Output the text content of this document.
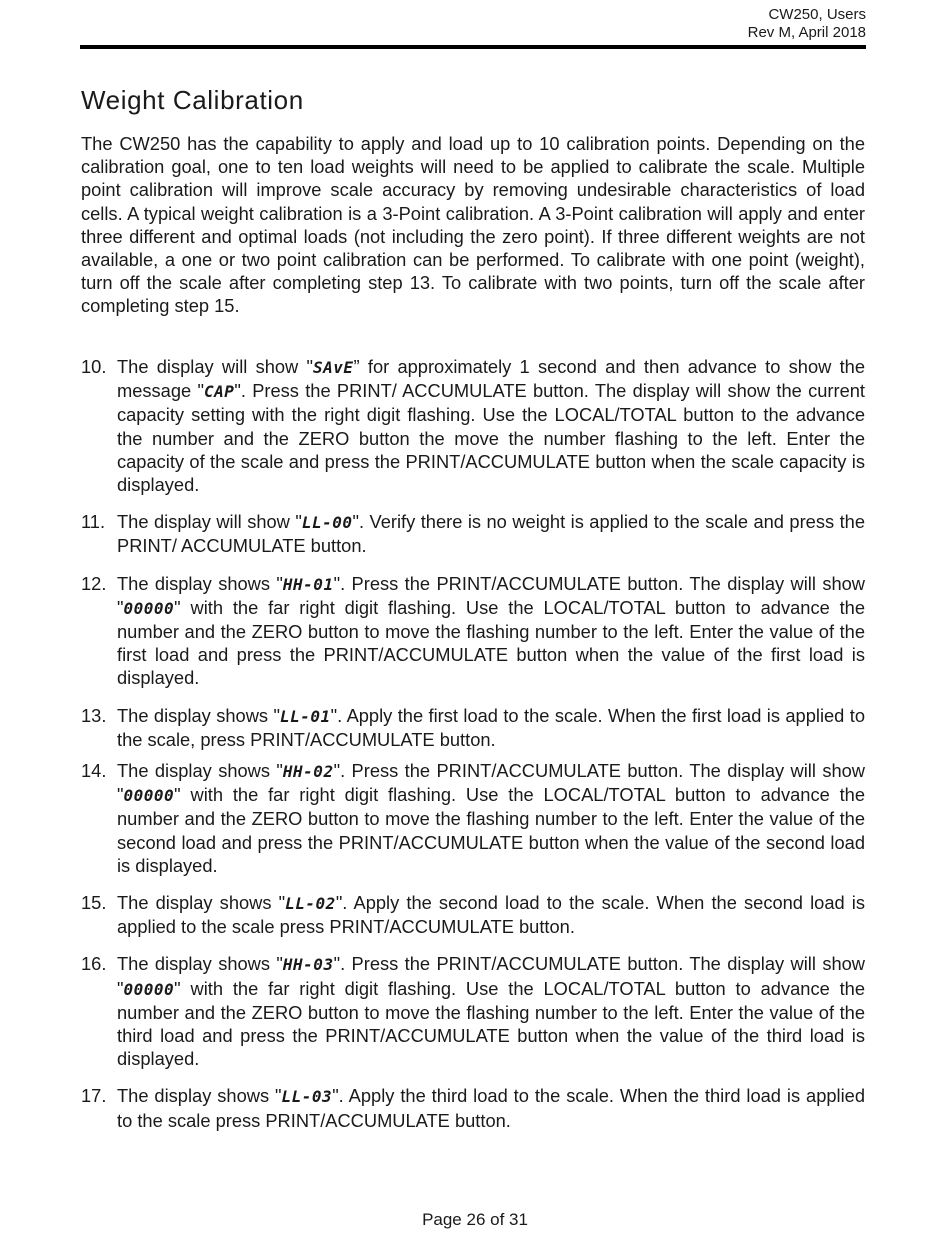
CW250, Users
Rev M, April 2018
Weight Calibration

The CW250 has the capability to apply and load up to 10 calibration points. Depending on the calibration goal, one to ten load weights will need to be applied to calibrate the scale. Multiple point calibration will improve scale accuracy by removing undesirable characteristics of load cells. A typical weight calibration is a 3-Point calibration. A 3-Point calibration will apply and enter three different and optimal loads (not including the zero point). If three different weights are not available, a one or two point calibration can be performed. To calibrate with one point (weight), turn off the scale after completing step 13. To calibrate with two points, turn off the scale after completing step 15.

10. The display will show "SAvE” for approximately 1 second and then advance to show the message "CAP". Press the PRINT/ ACCUMULATE button. The display will show the current capacity setting with the right digit flashing. Use the LOCAL/TOTAL button to the advance the number and the ZERO button the move the number flashing to the left. Enter the capacity of the scale and press the PRINT/ACCUMULATE button when the scale capacity is displayed.
11. The display will show "LL-00". Verify there is no weight is applied to the scale and press the PRINT/ ACCUMULATE button.
12. The display shows "HH-01". Press the PRINT/ACCUMULATE button. The display will show "00000" with the far right digit flashing. Use the LOCAL/TOTAL button to advance the number and the ZERO button to move the flashing number to the left. Enter the value of the first load and press the PRINT/ACCUMULATE button when the value of the first load is displayed.
13. The display shows "LL-01". Apply the first load to the scale. When the first load is applied to the scale, press PRINT/ACCUMULATE button.
14. The display shows "HH-02". Press the PRINT/ACCUMULATE button. The display will show "00000" with the far right digit flashing. Use the LOCAL/TOTAL button to advance the number and the ZERO button to move the flashing number to the left. Enter the value of the second load and press the PRINT/ACCUMULATE button when the value of the second load is displayed.
15. The display shows "LL-02". Apply the second load to the scale. When the second load is applied to the scale press PRINT/ACCUMULATE button.
16. The display shows "HH-03". Press the PRINT/ACCUMULATE button. The display will show "00000" with the far right digit flashing. Use the LOCAL/TOTAL button to advance the number and the ZERO button to move the flashing number to the left. Enter the value of the third load and press the PRINT/ACCUMULATE button when the value of the third load is displayed.
17. The display shows "LL-03". Apply the third load to the scale. When the third load is applied to the scale press PRINT/ACCUMULATE button.
Page 26 of 31
